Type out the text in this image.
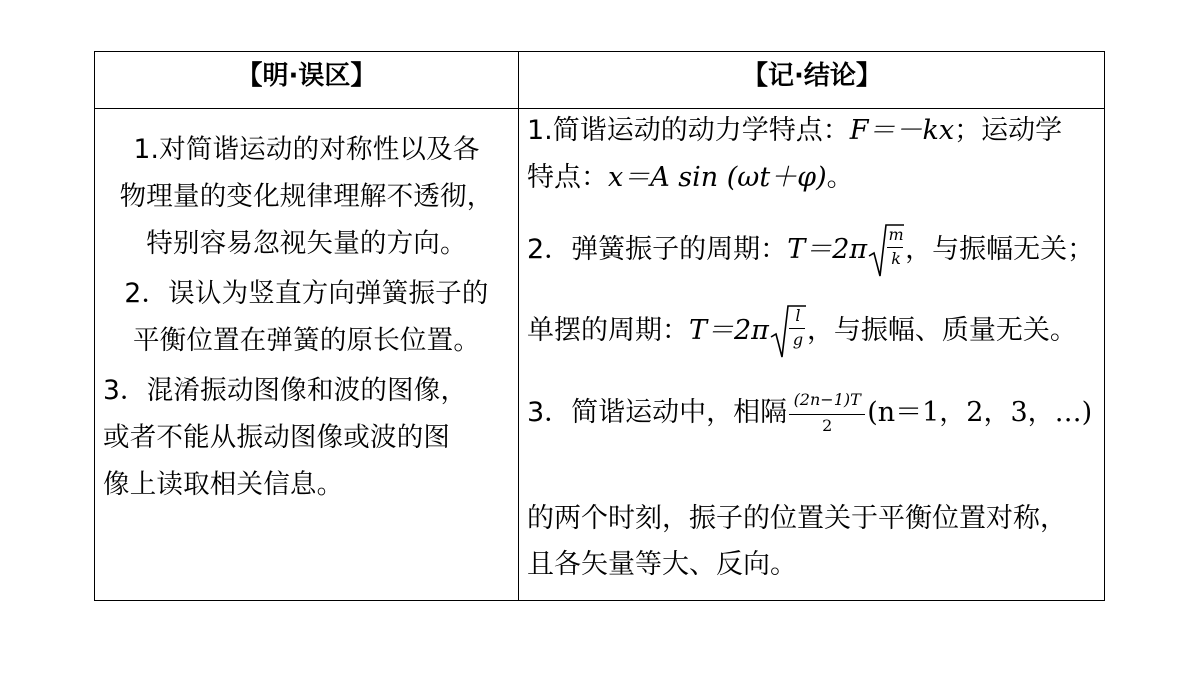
【明·误区】	【记·结论】
1.对简谐运动的对称性以及各
物理量的变化规律理解不透彻，
特别容易忽视矢量的方向。
2．误认为竖直方向弹簧振子的
平衡位置在弹簧的原长位置。
3．混淆振动图像和波的图像，
或者不能从振动图像或波的图
像上读取相关信息。
1.简谐运动的动力学特点：F＝－kx；运动学
特点：x＝A sin (ωt＋φ)。
2．弹簧振子的周期：$T=2\pi \frac{m}{k}$ ，与振幅无关；
单摆的周期：$T=2\pi \frac{l}{g}$ ，与振幅、质量无关。
3．简谐运动中，相隔 $\frac{(2n-1)T}{2} (n=1$，2，3，…)
的两个时刻，振子的位置关于平衡位置对称，
且各矢量等大、反向。
